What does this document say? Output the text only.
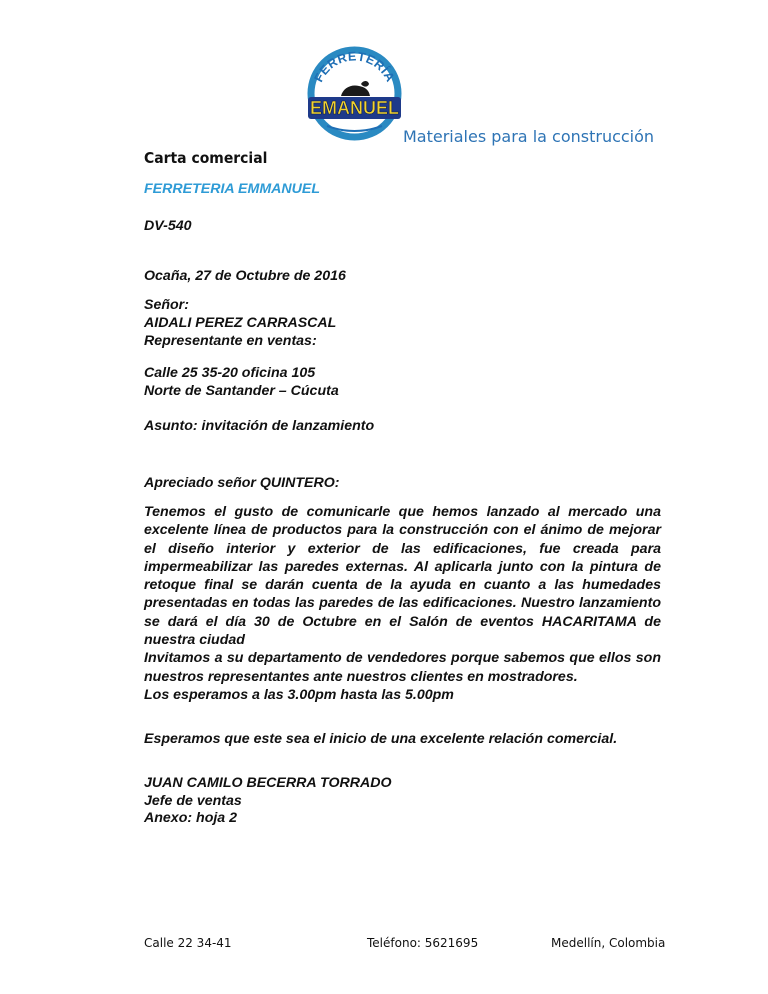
FERRETERÍA
EMANUEL
Materiales para la construcción
Carta comercial
FERRETERIA EMMANUEL
DV-540
Ocaña, 27 de Octubre de 2016
Señor:
AIDALI PEREZ CARRASCAL
Representante en ventas:
Calle 25 35-20 oficina 105
Norte de Santander – Cúcuta
Asunto: invitación de lanzamiento
Apreciado señor QUINTERO:

Tenemos el gusto de comunicarle que hemos lanzado al mercado una excelente línea de productos para la construcción con el ánimo de mejorar el diseño interior y exterior de las edificaciones, fue creada para impermeabilizar las paredes externas. Al aplicarla junto con la pintura de retoque final se darán cuenta de la ayuda en cuanto a las humedades presentadas en todas las paredes de las edificaciones. Nuestro lanzamiento se dará el día 30 de Octubre en el Salón de eventos HACARITAMA de nuestra ciudad

Invitamos a su departamento de vendedores porque sabemos que ellos son nuestros representantes ante nuestros clientes en mostradores.

Los esperamos a las 3.00pm hasta las 5.00pm

Esperamos que este sea el inicio de una excelente relación comercial.
JUAN CAMILO BECERRA TORRADO
Jefe de ventas
Anexo: hoja 2
Calle 22 34-41	Teléfono: 5621695	Medellín, Colombia
